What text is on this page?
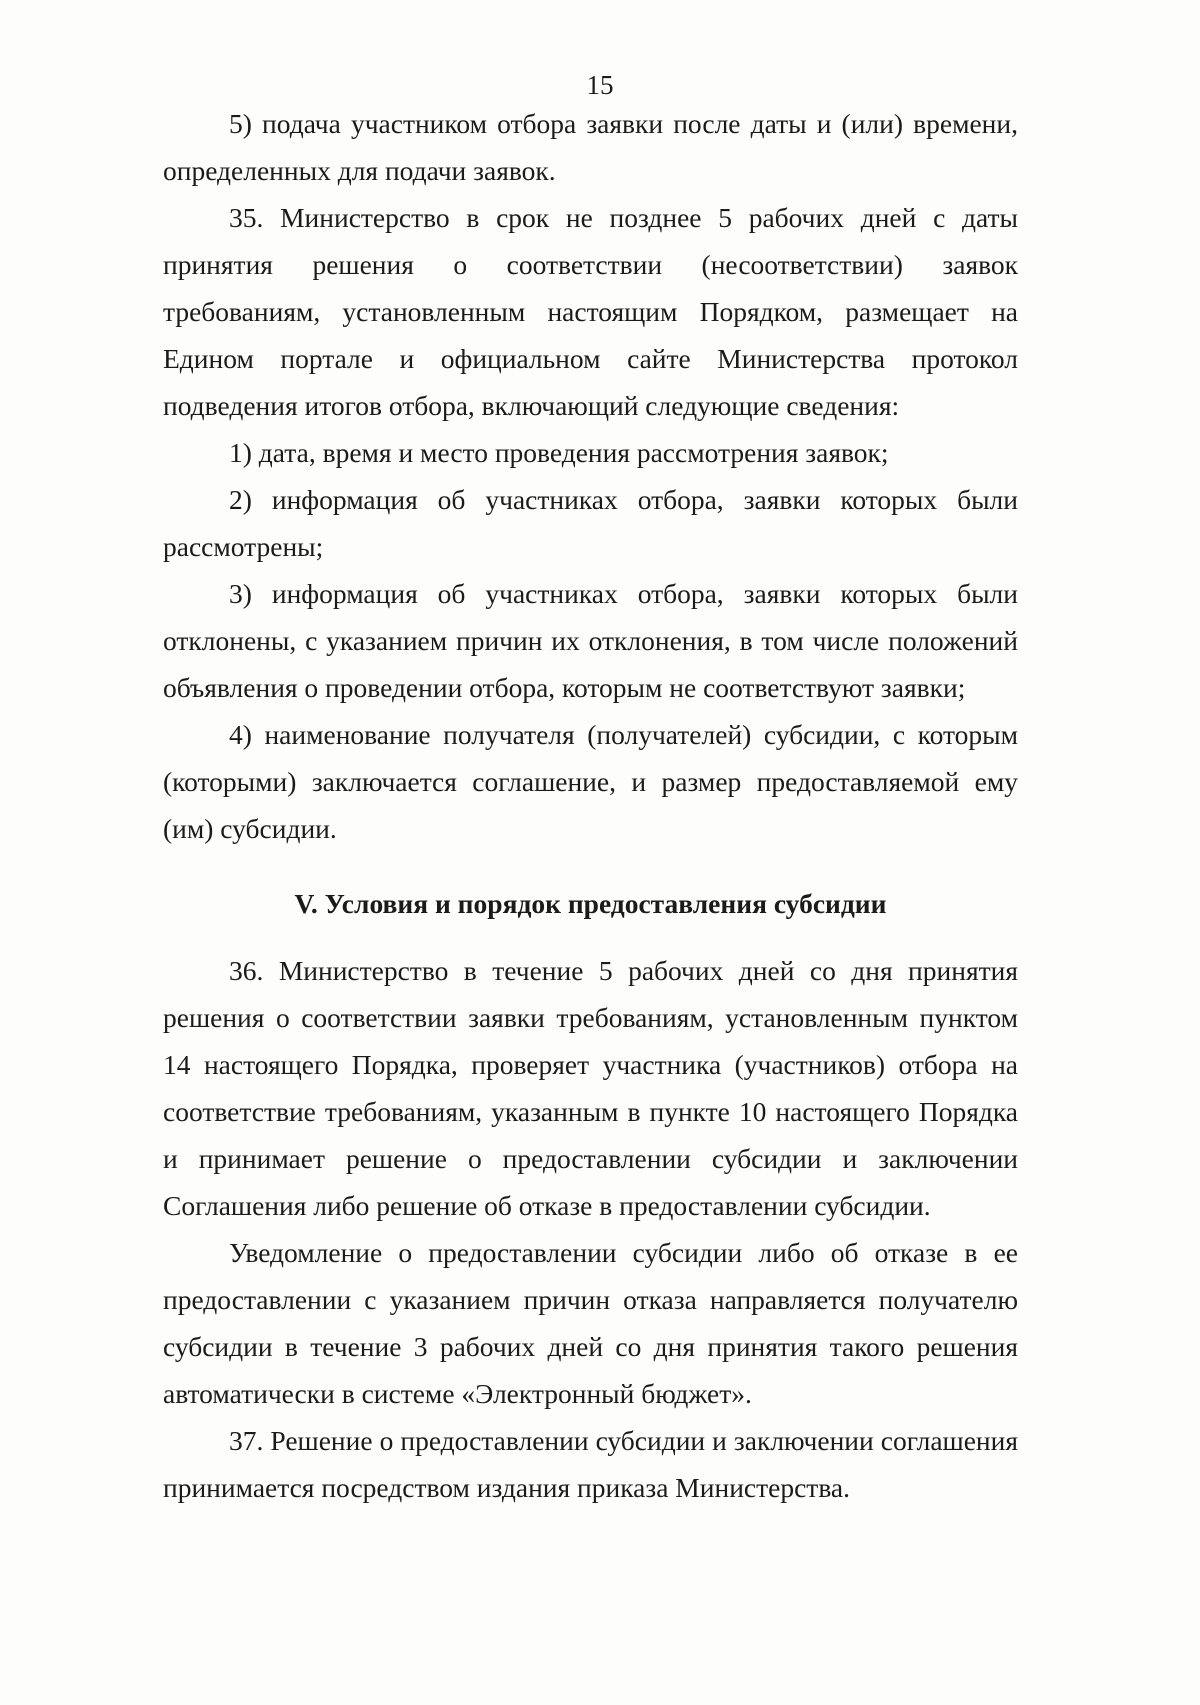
15

5) подача участником отбора заявки после даты и (или) времени, определенных для подачи заявок.

35. Министерство в срок не позднее 5 рабочих дней с даты принятия решения о соответствии (несоответствии) заявок требованиям, установленным настоящим Порядком, размещает на Едином портале и официальном сайте Министерства протокол подведения итогов отбора, включающий следующие сведения:

1) дата, время и место проведения рассмотрения заявок;

2) информация об участниках отбора, заявки которых были рассмотрены;

3) информация об участниках отбора, заявки которых были отклонены, с указанием причин их отклонения, в том числе положений объявления о проведении отбора, которым не соответствуют заявки;

4) наименование получателя (получателей) субсидии, с которым (которыми) заключается соглашение, и размер предоставляемой ему (им) субсидии.

V. Условия и порядок предоставления субсидии

36. Министерство в течение 5 рабочих дней со дня принятия решения о соответствии заявки требованиям, установленным пунктом 14 настоящего Порядка, проверяет участника (участников) отбора на соответствие требованиям, указанным в пункте 10 настоящего Порядка и принимает решение о предоставлении субсидии и заключении Соглашения либо решение об отказе в предоставлении субсидии.

Уведомление о предоставлении субсидии либо об отказе в ее предоставлении с указанием причин отказа направляется получателю субсидии в течение 3 рабочих дней со дня принятия такого решения автоматически в системе «Электронный бюджет».

37. Решение о предоставлении субсидии и заключении соглашения принимается посредством издания приказа Министерства.
